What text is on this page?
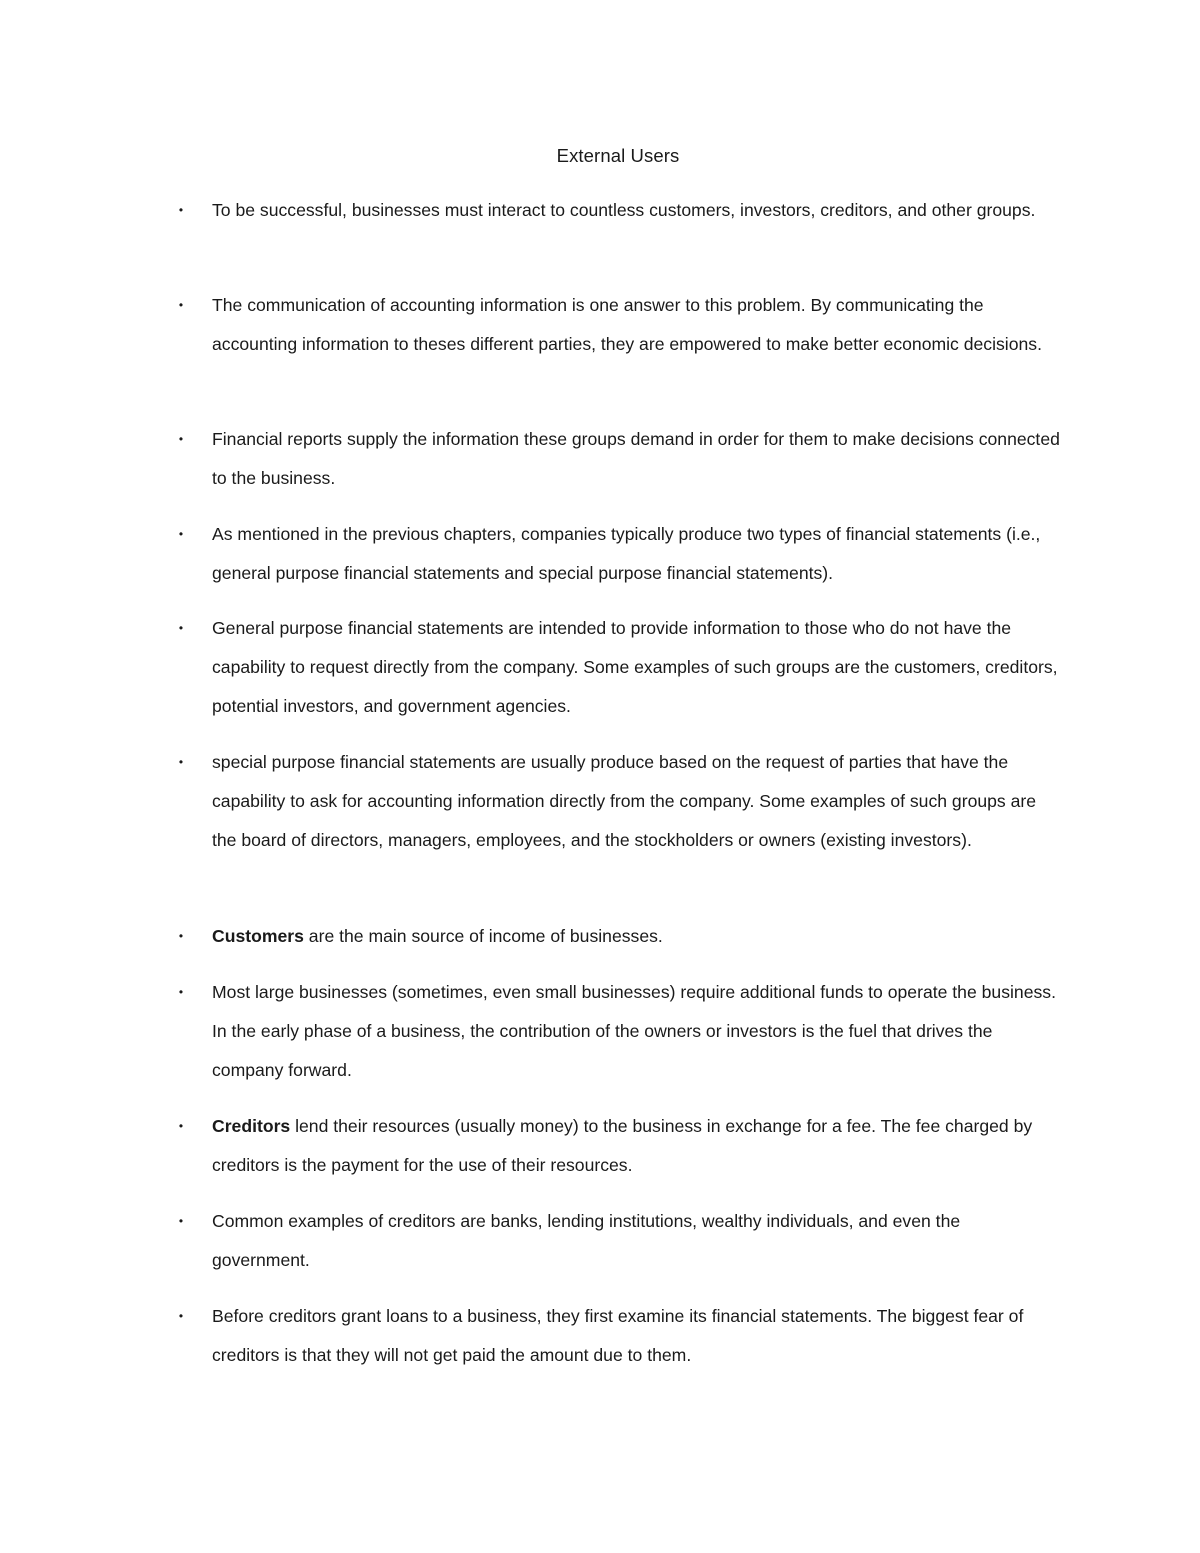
External Users
• To be successful, businesses must interact to countless customers, investors, creditors, and other groups.
• The communication of accounting information is one answer to this problem. By communicating the accounting information to theses different parties, they are empowered to make better economic decisions.
• Financial reports supply the information these groups demand in order for them to make decisions connected to the business.
• As mentioned in the previous chapters, companies typically produce two types of financial statements (i.e., general purpose financial statements and special purpose financial statements).
• General purpose financial statements are intended to provide information to those who do not have the capability to request directly from the company. Some examples of such groups are the customers, creditors, potential investors, and government agencies.
• special purpose financial statements are usually produce based on the request of parties that have the capability to ask for accounting information directly from the company. Some examples of such groups are the board of directors, managers, employees, and the stockholders or owners (existing investors).
• Customers are the main source of income of businesses.
• Most large businesses (sometimes, even small businesses) require additional funds to operate the business. In the early phase of a business, the contribution of the owners or investors is the fuel that drives the company forward.
• Creditors lend their resources (usually money) to the business in exchange for a fee. The fee charged by creditors is the payment for the use of their resources.
• Common examples of creditors are banks, lending institutions, wealthy individuals, and even the government.
• Before creditors grant loans to a business, they first examine its financial statements. The biggest fear of creditors is that they will not get paid the amount due to them.
